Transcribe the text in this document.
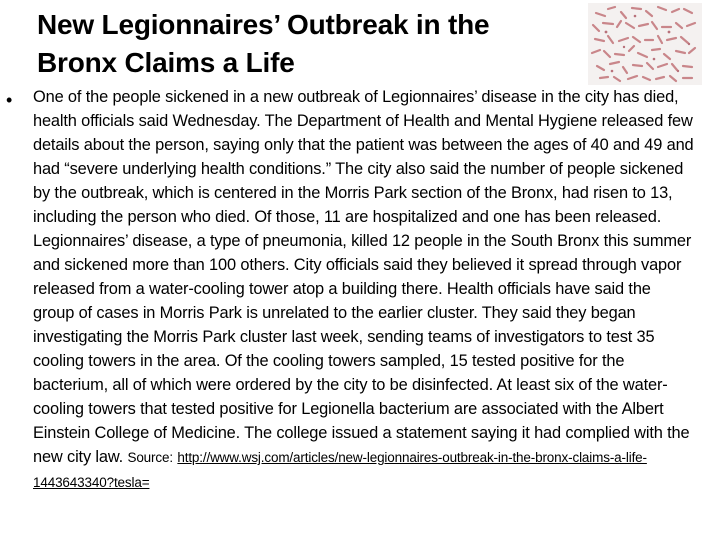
New Legionnaires’ Outbreak in the
Bronx Claims a Life
• One of the people sickened in a new outbreak of Legionnaires’ disease in the city has died, health officials said Wednesday. The Department of Health and Mental Hygiene released few details about the person, saying only that the patient was between the ages of 40 and 49 and had “severe underlying health conditions.” The city also said the number of people sickened by the outbreak, which is centered in the Morris Park section of the Bronx, had risen to 13, including the person who died. Of those, 11 are hospitalized and one has been released. Legionnaires’ disease, a type of pneumonia, killed 12 people in the South Bronx this summer and sickened more than 100 others. City officials said they believed it spread through vapor released from a water-cooling tower atop a building there. Health officials have said the group of cases in Morris Park is unrelated to the earlier cluster. They said they began investigating the Morris Park cluster last week, sending teams of investigators to test 35 cooling towers in the area. Of the cooling towers sampled, 15 tested positive for the bacterium, all of which were ordered by the city to be disinfected. At least six of the water-cooling towers that tested positive for Legionella bacterium are associated with the Albert Einstein College of Medicine. The college issued a statement saying it had complied with the new city law. Source: http://www.wsj.com/articles/new-legionnaires-outbreak-in-the-bronx-claims-a-life-1443643340?tesla=
